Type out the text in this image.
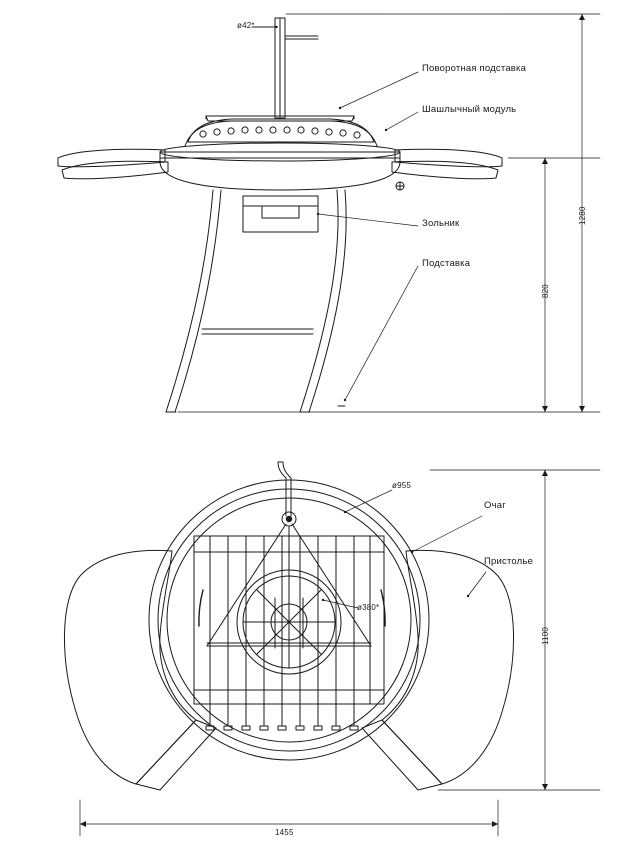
ø42*
Поворотная подставка
Шашлычный модуль
Зольник
Подставка
1280
820
ø955
ø380*
Очаг
Пристолье
1100
1455
